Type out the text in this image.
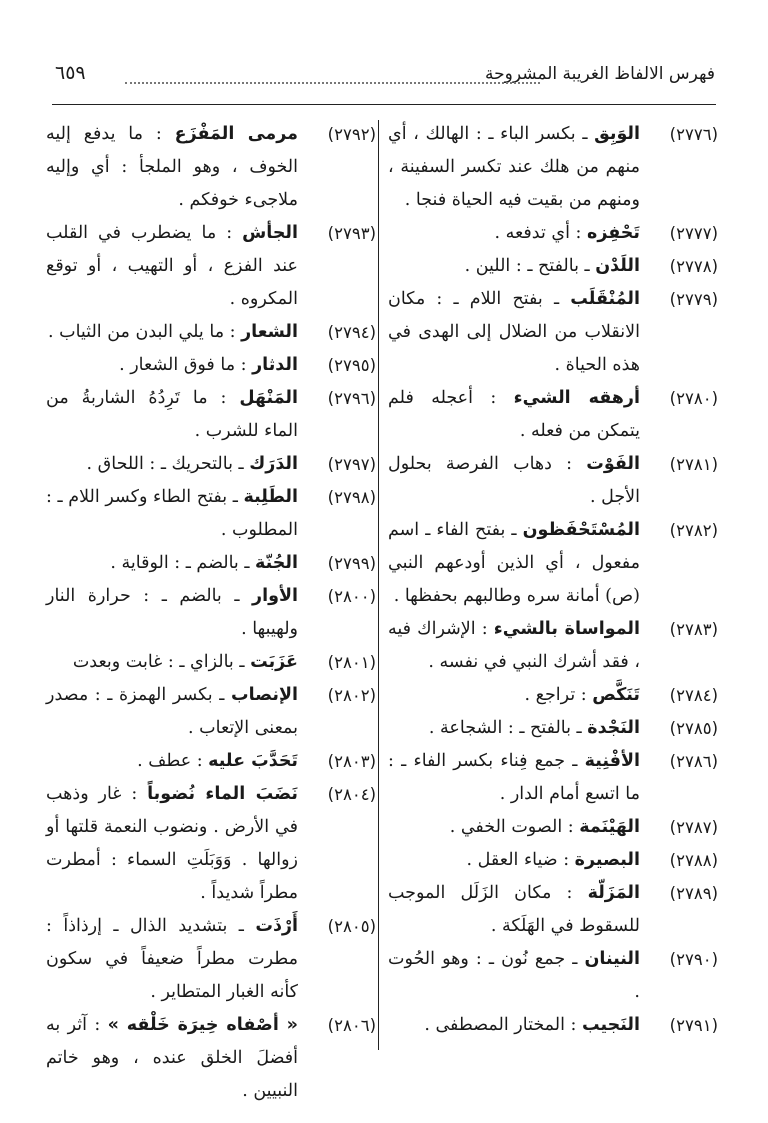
فهرس الالفاظ الغريبة المشروحة
٦٥٩
(٢٧٧٦)
الوَبِق ـ بكسر الباء ـ : الهالك ، أي منهم من هلك عند تكسر السفينة ، ومنهم من بقيت فيه الحياة فنجا .
(٢٧٧٧)
تَحْفِزه : أي تدفعه .
(٢٧٧٨)
اللَدْن ـ بالفتح ـ : اللين .
(٢٧٧٩)
المُنْقَلَب ـ بفتح اللام ـ : مكان الانقلاب من الضلال إلى الهدى في هذه الحياة .
(٢٧٨٠)
أرهقه الشيء : أعجله فلم يتمكن من فعله .
(٢٧٨١)
الفَوْت : دهاب الفرصة بحلول الأجل .
(٢٧٨٢)
المُسْتَحْفَظون ـ بفتح الفاء ـ اسم مفعول ، أي الذين أودعهم النبي (ص) أمانة سره وطالبهم بحفظها .
(٢٧٨٣)
المواساة بالشيء : الإشراك فيه ، فقد أشرك النبي في نفسه .
(٢٧٨٤)
تَنَكَّص : تراجع .
(٢٧٨٥)
النَجْدة ـ بالفتح ـ : الشجاعة .
(٢٧٨٦)
الأفْنِية ـ جمع فِناء بكسر الفاء ـ : ما اتسع أمام الدار .
(٢٧٨٧)
الهَيْنَمة : الصوت الخفي .
(٢٧٨٨)
البصيرة : ضياء العقل .
(٢٧٨٩)
المَزَلّة : مكان الزَلَل الموجب للسقوط في الهَلَكة .
(٢٧٩٠)
النينان ـ جمع نُون ـ : وهو الحُوت .
(٢٧٩١)
النَجيب : المختار المصطفى .
(٢٧٩٢)
مرمى المَفْزَع : ما يدفع إليه الخوف ، وهو الملجأ : أي وإليه ملاجىء خوفكم .
(٢٧٩٣)
الجأش : ما يضطرب في القلب عند الفزع ، أو التهيب ، أو توقع المكروه .
(٢٧٩٤)
الشعار : ما يلي البدن من الثياب .
(٢٧٩٥)
الدثار : ما فوق الشعار .
(٢٧٩٦)
المَنْهَل : ما تَرِدُهُ الشاربةُ من الماء للشرب .
(٢٧٩٧)
الدَرَك ـ بالتحريك ـ : اللحاق .
(٢٧٩٨)
الطَلِبة ـ بفتح الطاء وكسر اللام ـ : المطلوب .
(٢٧٩٩)
الجُنّة ـ بالضم ـ : الوقاية .
(٢٨٠٠)
الأوار ـ بالضم ـ : حرارة النار ولهيبها .
(٢٨٠١)
عَزَبَت ـ بالزاي ـ : غابت وبعدت
(٢٨٠٢)
الإنصاب ـ بكسر الهمزة ـ : مصدر بمعنى الإتعاب .
(٢٨٠٣)
تَحَدَّبَ عليه : عطف .
(٢٨٠٤)
نَضَبَ الماء نُضوباً : غار وذهب في الأرض . ونضوب النعمة قلتها أو زوالها . وَوَبَلَتِ السماء : أمطرت مطراً شديداً .
(٢٨٠٥)
أَرْذَت ـ بتشديد الذال ـ إرذاذاً : مطرت مطراً ضعيفاً في سكون كأنه الغبار المتطاير .
(٢٨٠٦)
« أصْفاه خِيرَة خَلْقه » : آثر به أفضلَ الخلق عنده ، وهو خاتم النبيين .
